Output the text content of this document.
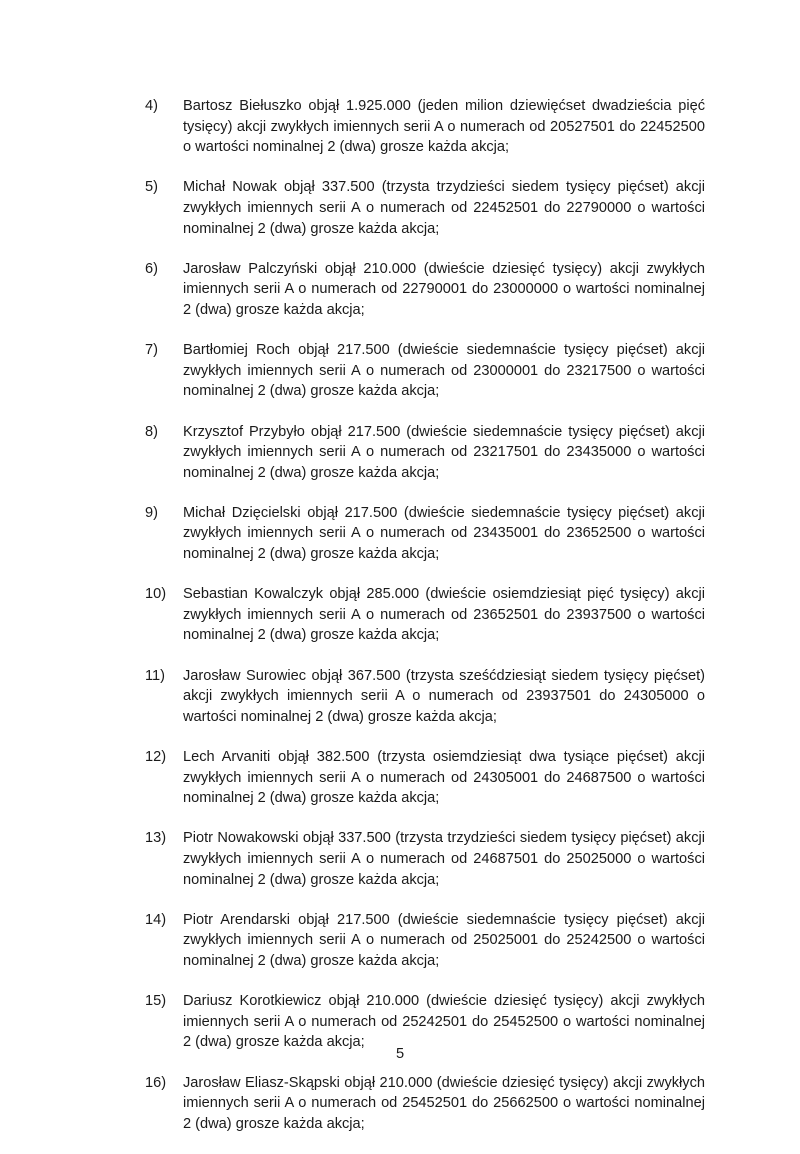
4)	Bartosz Biełuszko objął 1.925.000 (jeden milion dziewięćset dwadzieścia pięć tysięcy) akcji zwykłych imiennych serii A o numerach od 20527501 do 22452500 o wartości nominalnej 2 (dwa) grosze każda akcja;
5)	Michał Nowak objął 337.500 (trzysta trzydzieści siedem tysięcy pięćset) akcji zwykłych imiennych serii A o numerach od 22452501 do 22790000 o wartości nominalnej 2 (dwa) grosze każda akcja;
6)	Jarosław Palczyński objął 210.000 (dwieście dziesięć tysięcy) akcji zwykłych imiennych serii A o numerach od 22790001 do 23000000 o wartości nominalnej 2 (dwa) grosze każda akcja;
7)	Bartłomiej Roch objął 217.500 (dwieście siedemnaście tysięcy pięćset) akcji zwykłych imiennych serii A o numerach od 23000001 do 23217500 o wartości nominalnej 2 (dwa) grosze każda akcja;
8)	Krzysztof Przybyło objął 217.500 (dwieście siedemnaście tysięcy pięćset) akcji zwykłych imiennych serii A o numerach od 23217501 do 23435000 o wartości nominalnej 2 (dwa) grosze każda akcja;
9)	Michał Dzięcielski objął 217.500 (dwieście siedemnaście tysięcy pięćset) akcji zwykłych imiennych serii A o numerach od 23435001 do 23652500 o wartości nominalnej 2 (dwa) grosze każda akcja;
10)	Sebastian Kowalczyk objął 285.000 (dwieście osiemdziesiąt pięć tysięcy) akcji zwykłych imiennych serii A o numerach od 23652501 do 23937500 o wartości nominalnej 2 (dwa) grosze każda akcja;
11)	Jarosław Surowiec objął 367.500 (trzysta sześćdziesiąt siedem tysięcy pięćset) akcji zwykłych imiennych serii A o numerach od 23937501 do 24305000 o wartości nominalnej 2 (dwa) grosze każda akcja;
12)	Lech Arvaniti objął 382.500 (trzysta osiemdziesiąt dwa tysiące pięćset) akcji zwykłych imiennych serii A o numerach od 24305001 do 24687500 o wartości nominalnej 2 (dwa) grosze każda akcja;
13)	Piotr Nowakowski objął 337.500 (trzysta trzydzieści siedem tysięcy pięćset) akcji zwykłych imiennych serii A o numerach od 24687501 do 25025000 o wartości nominalnej 2 (dwa) grosze każda akcja;
14)	Piotr Arendarski objął 217.500 (dwieście siedemnaście tysięcy pięćset) akcji zwykłych imiennych serii A o numerach od 25025001 do 25242500 o wartości nominalnej 2 (dwa) grosze każda akcja;
15)	Dariusz Korotkiewicz objął 210.000 (dwieście dziesięć tysięcy) akcji zwykłych imiennych serii A o numerach od 25242501 do 25452500 o wartości nominalnej 2 (dwa) grosze każda akcja;
16)	Jarosław Eliasz-Skąpski objął 210.000 (dwieście dziesięć tysięcy) akcji zwykłych imiennych serii A o numerach od 25452501 do 25662500 o wartości nominalnej 2 (dwa) grosze każda akcja;
5
